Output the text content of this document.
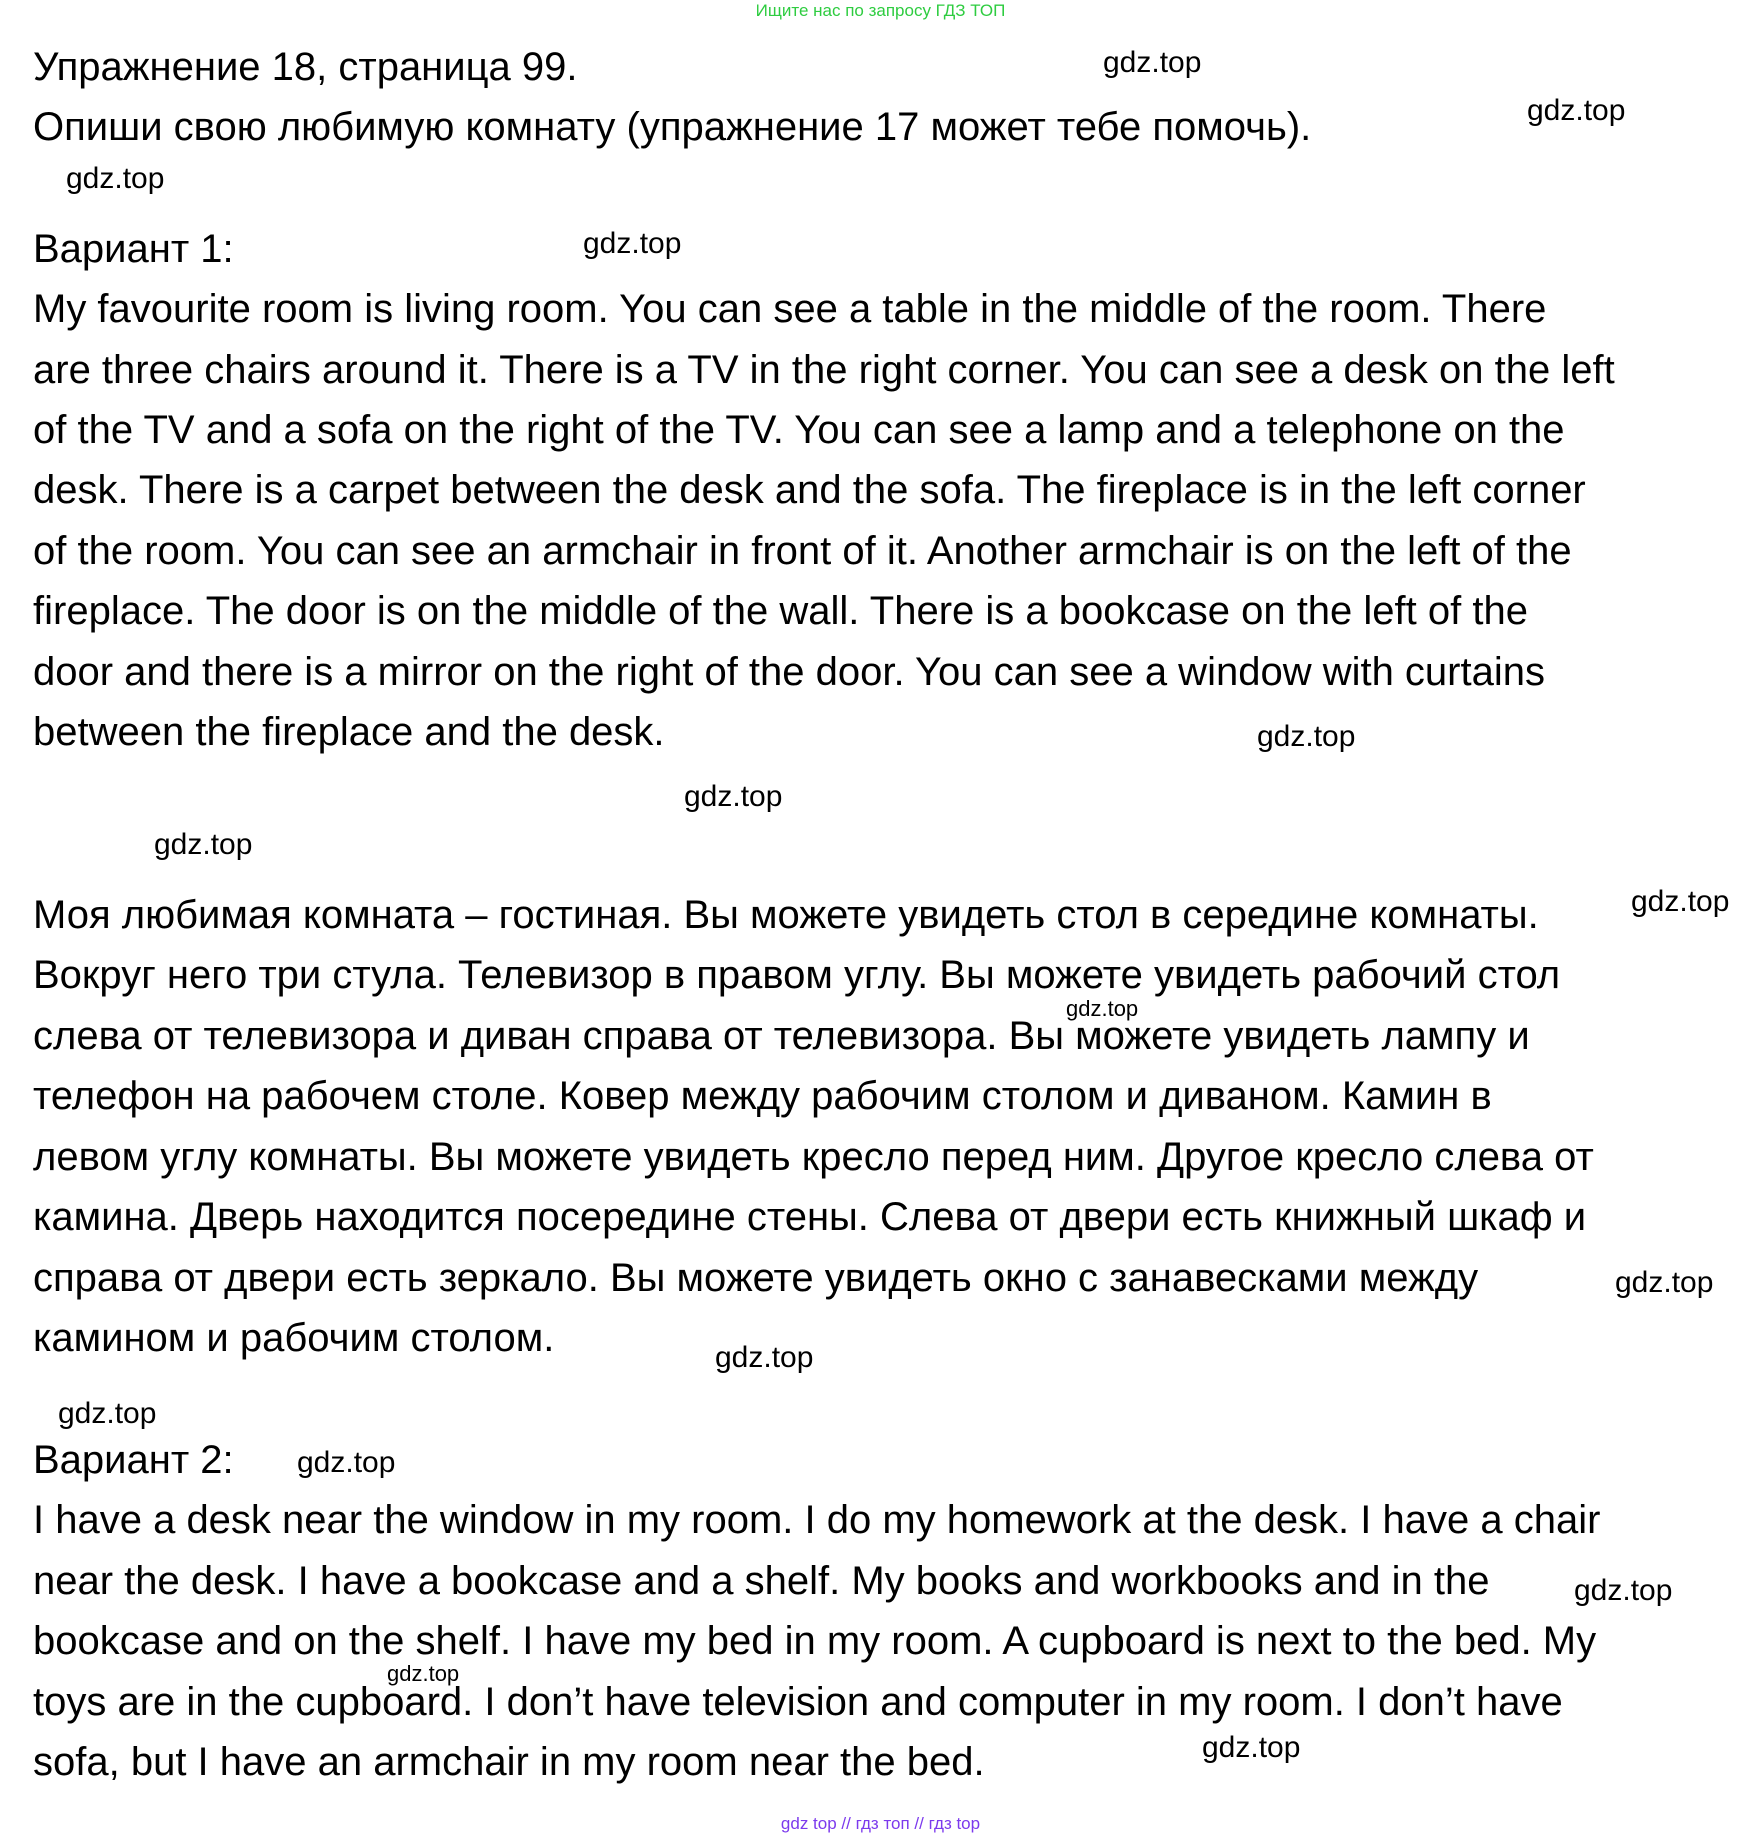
Ищите нас по запросу ГДЗ ТОП

Упражнение 18, страница 99.

Опиши свою любимую комнату (упражнение 17 может тебе помочь).

Вариант 1:

My favourite room is living room. You can see a table in the middle of the room. There

are three chairs around it. There is a TV in the right corner. You can see a desk on the left

of the TV and a sofa on the right of the TV. You can see a lamp and a telephone on the

desk. There is a carpet between the desk and the sofa. The fireplace is in the left corner

of the room. You can see an armchair in front of it. Another armchair is on the left of the

fireplace. The door is on the middle of the wall. There is a bookcase on the left of the

door and there is a mirror on the right of the door. You can see a window with curtains

between the fireplace and the desk.

Моя любимая комната – гостиная. Вы можете увидеть стол в середине комнаты.

Вокруг него три стула. Телевизор в правом углу. Вы можете увидеть рабочий стол

слева от телевизора и диван справа от телевизора. Вы можете увидеть лампу и

телефон на рабочем столе. Ковер между рабочим столом и диваном. Камин в

левом углу комнаты. Вы можете увидеть кресло перед ним. Другое кресло слева от

камина. Дверь находится посередине стены. Слева от двери есть книжный шкаф и

справа от двери есть зеркало. Вы можете увидеть окно с занавесками между

камином и рабочим столом.

Вариант 2:

I have a desk near the window in my room. I do my homework at the desk. I have a chair

near the desk. I have a bookcase and a shelf. My books and workbooks and in the

bookcase and on the shelf. I have my bed in my room. A cupboard is next to the bed. My

toys are in the cupboard. I don’t have television and computer in my room. I don’t have

sofa, but I have an armchair in my room near the bed.

gdz.top
gdz.top
gdz.top
gdz.top
gdz.top
gdz.top
gdz.top
gdz.top
gdz.top
gdz.top
gdz.top
gdz.top
gdz.top
gdz.top
gdz.top
gdz.top
gdz top // гдз топ // гдз top
